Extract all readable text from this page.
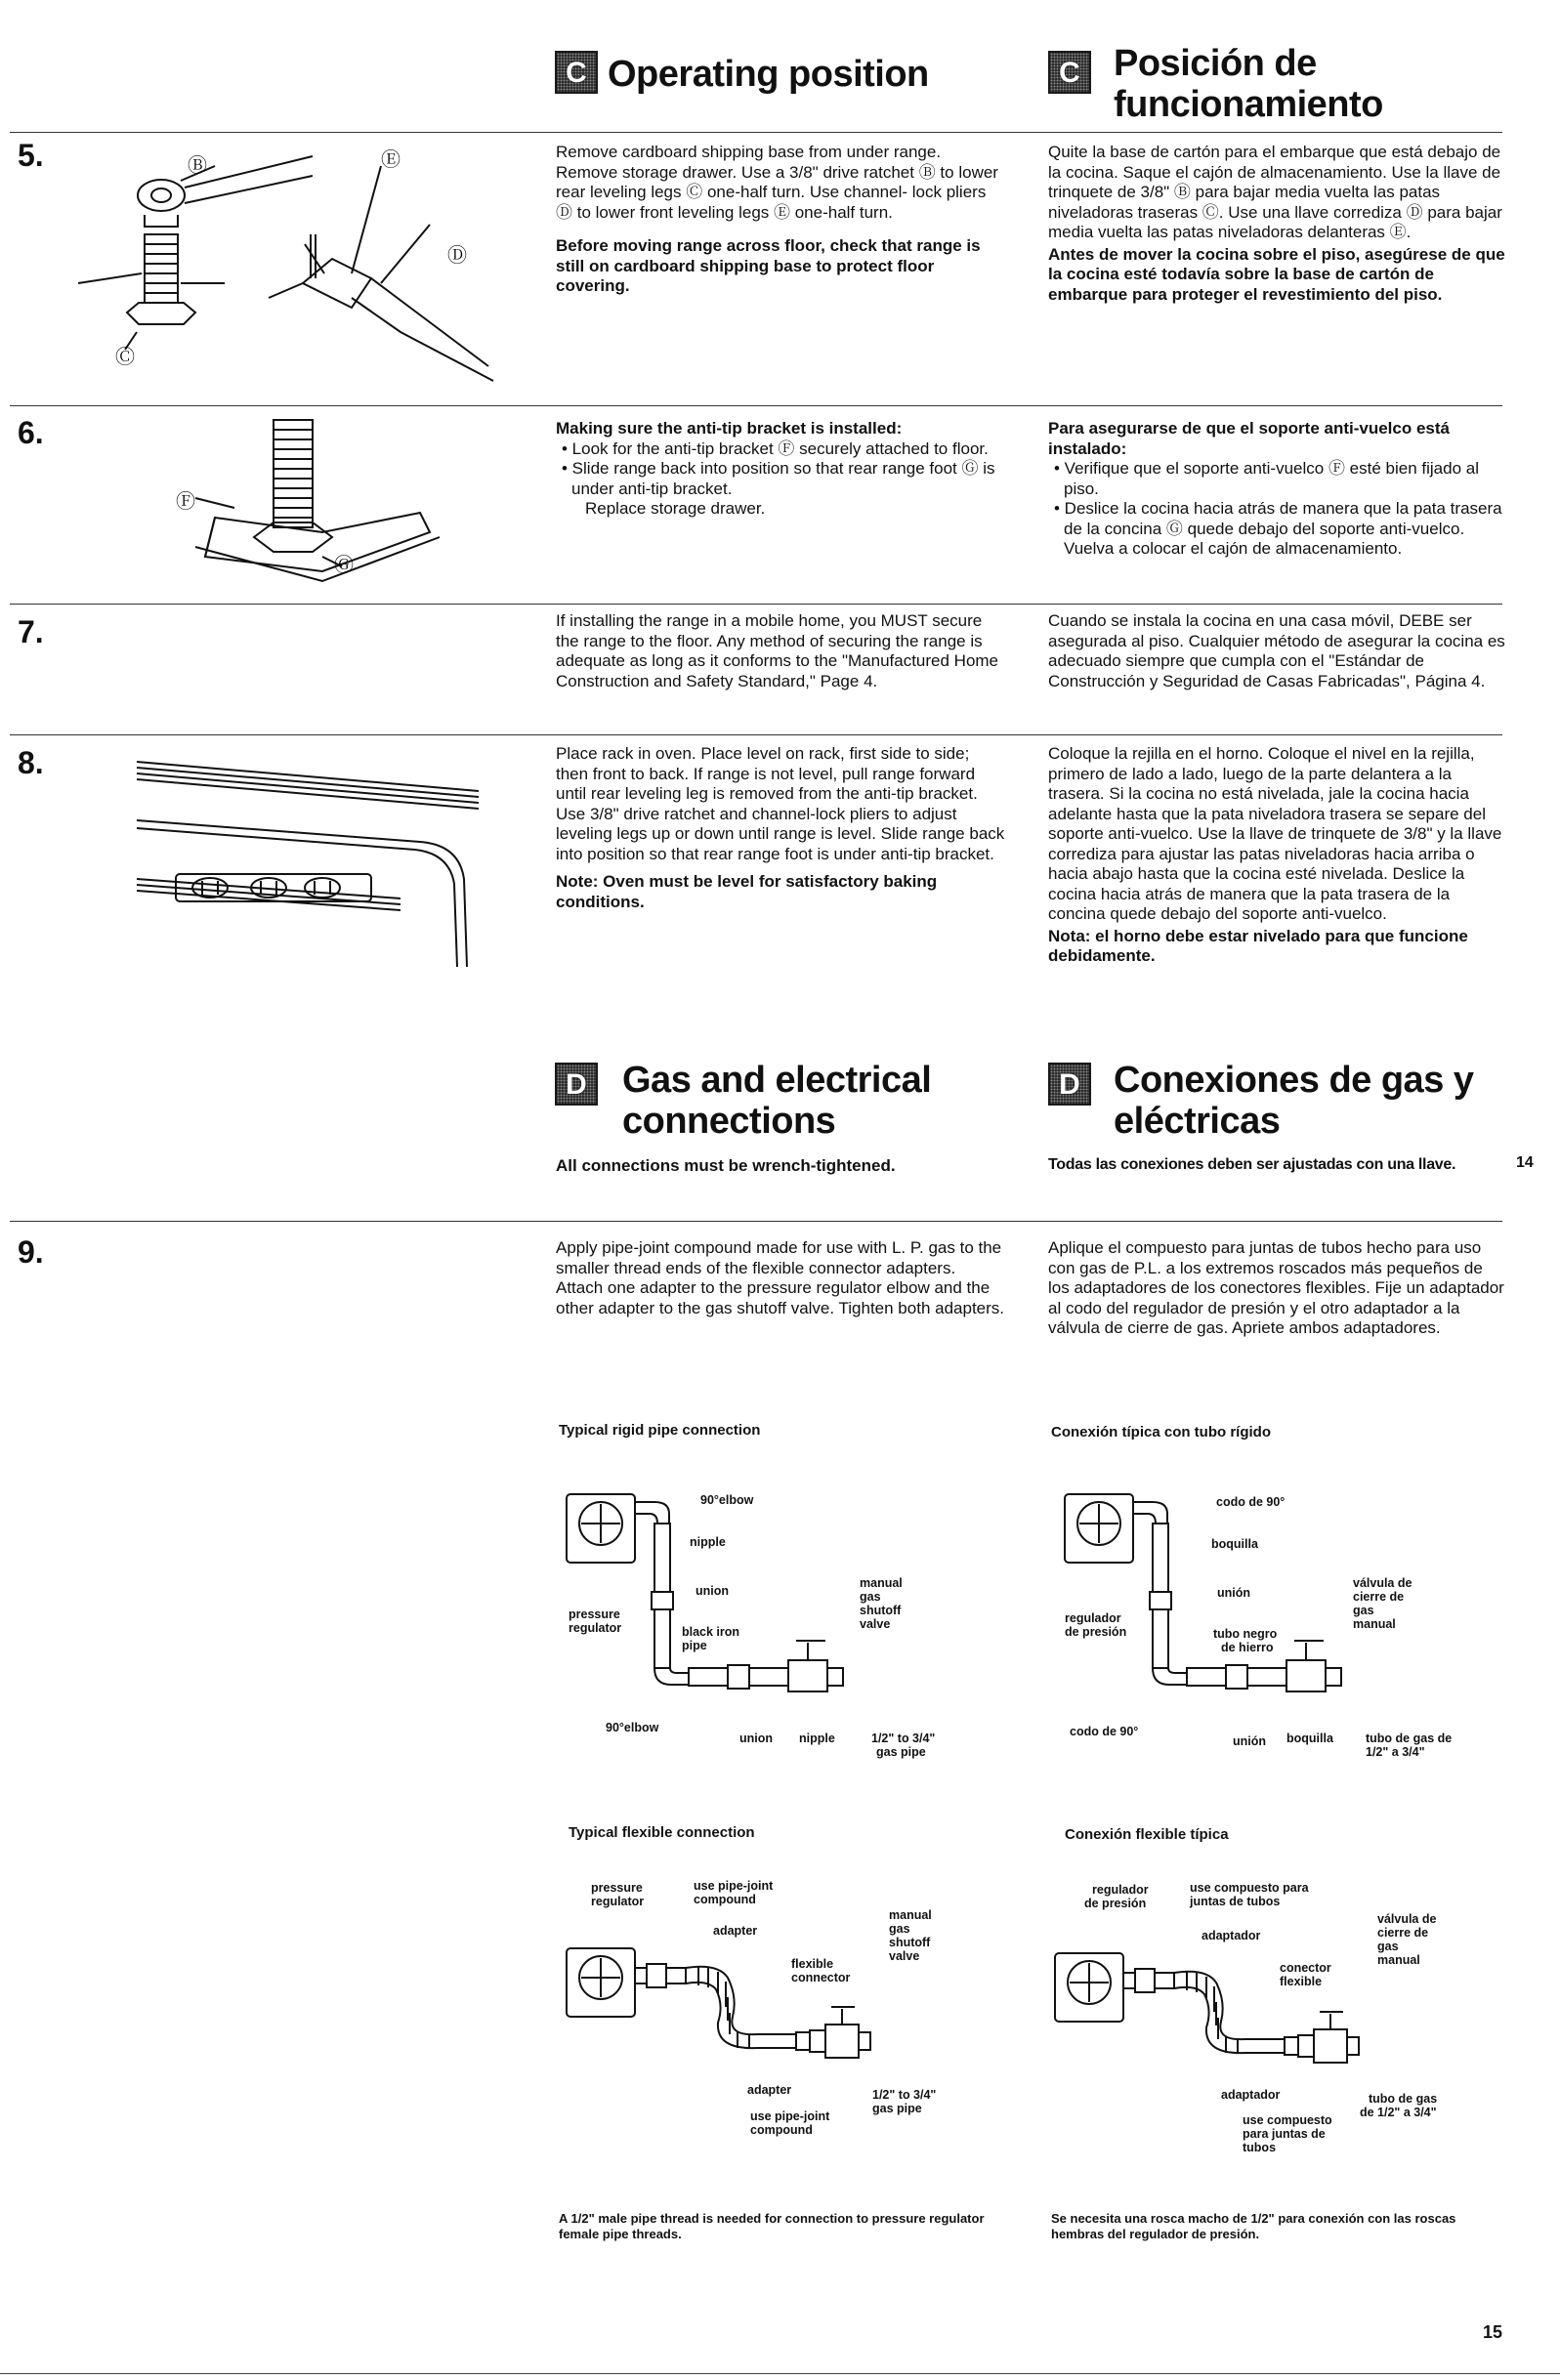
C Operating position	C Posición de
funcionamiento
5.	Ⓑ	Ⓔ
Ⓓ
Ⓒ

Remove cardboard shipping base from under range. Remove storage drawer. Use a 3/8" drive ratchet Ⓑ to lower rear leveling legs Ⓒ one-half turn. Use channel- lock pliers Ⓓ to lower front leveling legs Ⓔ one-half turn.

Before moving range across floor, check that range is still on cardboard shipping base to protect floor covering.

Quite la base de cartón para el embarque que está debajo de la cocina. Saque el cajón de almacenamiento. Use la llave de trinquete de 3/8" Ⓑ para bajar media vuelta las patas niveladoras traseras Ⓒ. Use una llave corrediza Ⓓ para bajar media vuelta las patas niveladoras delanteras Ⓔ.

Antes de mover la cocina sobre el piso, asegúrese de que la cocina esté todavía sobre la base de cartón de embarque para proteger el revestimiento del piso.

6.
Ⓕ
Ⓖ

Making sure the anti-tip bracket is installed:

• Look for the anti-tip bracket Ⓕ securely attached to floor.

• Slide range back into position so that rear range foot Ⓖ is under anti-tip bracket.

Replace storage drawer.

Para asegurarse de que el soporte anti-vuelco está instalado:

• Verifique que el soporte anti-vuelco Ⓕ esté bien fijado al piso.

• Deslice la cocina hacia atrás de manera que la pata trasera de la concina Ⓖ quede debajo del soporte anti-vuelco. Vuelva a colocar el cajón de almacenamiento.

7.	If installing the range in a mobile home, you MUST secure the range to the floor. Any method of securing the range is adequate as long as it conforms to the "Manufactured Home Construction and Safety Standard," Page 4.
Cuando se instala la cocina en una casa móvil, DEBE ser asegurada al piso. Cualquier método de asegurar la cocina es adecuado siempre que cumpla con el "Estándar de Construcción y Seguridad de Casas Fabricadas", Página 4.
8.	Place rack in oven. Place level on rack, first side to side; then front to back. If range is not level, pull range forward until rear leveling leg is removed from the anti-tip bracket. Use 3/8" drive ratchet and channel-lock pliers to adjust leveling legs up or down until range is level. Slide range back into position so that rear range foot is under anti-tip bracket.

Note: Oven must be level for satisfactory baking conditions.

Coloque la rejilla en el horno. Coloque el nivel en la rejilla, primero de lado a lado, luego de la parte delantera a la trasera. Si la cocina no está nivelada, jale la cocina hacia adelante hasta que la pata niveladora trasera se separe del soporte anti-vuelco. Use la llave de trinquete de 3/8" y la llave corrediza para ajustar las patas niveladoras hacia arriba o hacia abajo hasta que la cocina esté nivelada. Deslice la cocina hacia atrás de manera que la pata trasera de la concina quede debajo del soporte anti-vuelco.

Nota: el horno debe estar nivelado para que funcione debidamente.

D Gas and electrical
connections
All connections must be wrench-tightened.
D Conexiones de gas y
eléctricas
Todas las conexiones deben ser ajustadas con una llave.	14
9.	Apply pipe-joint compound made for use with L. P. gas to the smaller thread ends of the flexible connector adapters. Attach one adapter to the pressure regulator elbow and the other adapter to the gas shutoff valve. Tighten both adapters.
Aplique el compuesto para juntas de tubos hecho para uso con gas de P.L. a los extremos roscados más pequeños de los adaptadores de los conectores flexibles. Fije un adaptador al codo del regulador de presión y el otro adaptador a la válvula de cierre de gas. Apriete ambos adaptadores.
Typical rigid pipe connection
90°elbow
nipple
union
pressure
regulator	black iron
pipe
manual
gas
shutoff
valve
90°elbow
union nipple	1/2" to 3/4"
gas pipe
Conexión típica con tubo rígido
codo de 90°
boquilla
unión
regulador
de presión	tubo negro
de hierro
válvula de
cierre de
gas
manual
codo de 90°
unión boquilla	tubo de gas de
1/2" a 3/4"
Typical flexible connection
pressure
regulator
use pipe-joint
compound
adapter
flexible
connector
manual
gas
shutoff
valve
adapter
use pipe-joint
compound
1/2" to 3/4"
gas pipe
Conexión flexible típica
regulador
de presión
use compuesto para
juntas de tubos
adaptador
conector
flexible
válvula de
cierre de
gas
manual
adaptador
use compuesto
para juntas de
tubos
tubo de gas
de 1/2" a 3/4"
A 1/2" male pipe thread is needed for connection to pressure regulator female pipe threads.
Se necesita una rosca macho de 1/2" para conexión con las roscas hembras del regulador de presión.
15
